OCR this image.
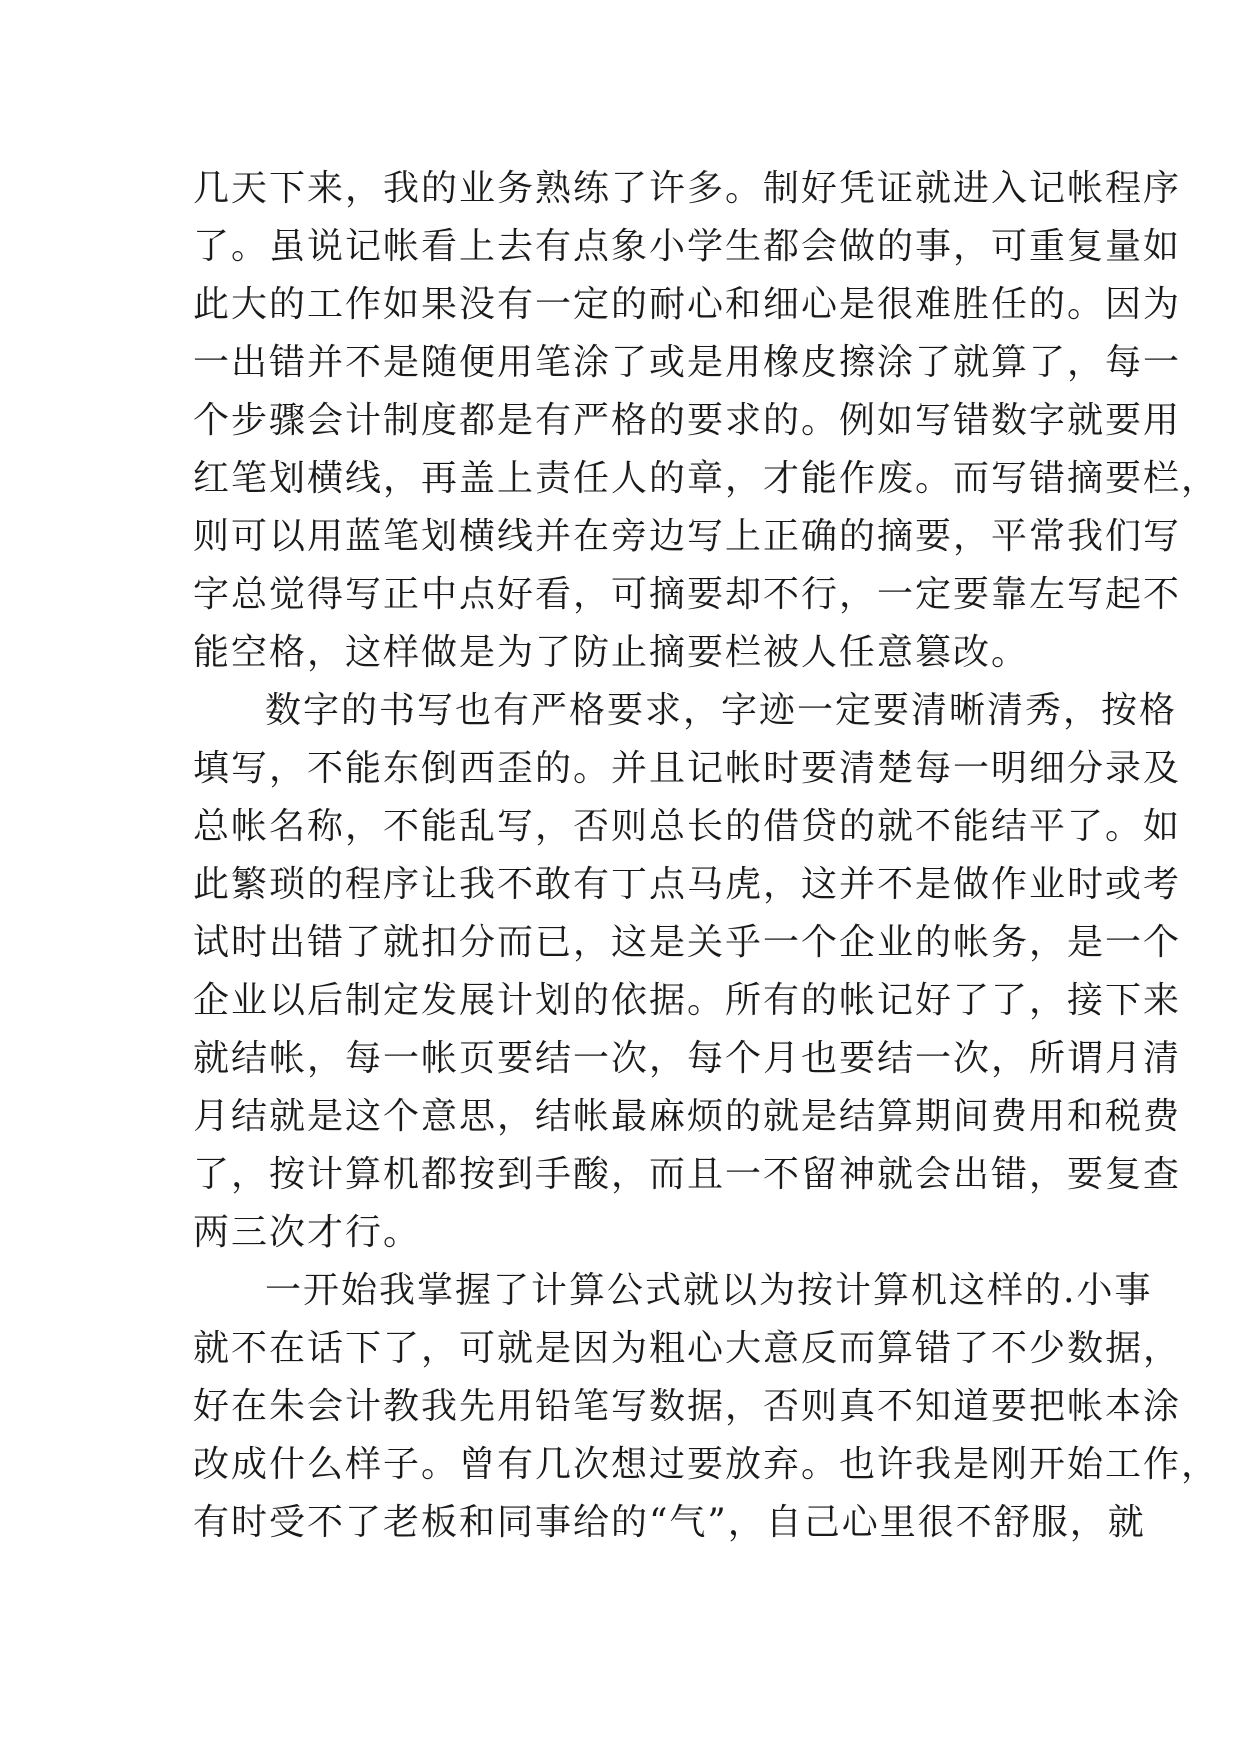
几天下来，我的业务熟练了许多。制好凭证就进入记帐程序
了。虽说记帐看上去有点象小学生都会做的事，可重复量如
此大的工作如果没有一定的耐心和细心是很难胜任的。因为
一出错并不是随便用笔涂了或是用橡皮擦涂了就算了，每一
个步骤会计制度都是有严格的要求的。例如写错数字就要用
红笔划横线，再盖上责任人的章，才能作废。而写错摘要栏，
则可以用蓝笔划横线并在旁边写上正确的摘要，平常我们写
字总觉得写正中点好看，可摘要却不行，一定要靠左写起不
能空格，这样做是为了防止摘要栏被人任意篡改。
数字的书写也有严格要求，字迹一定要清晰清秀，按格
填写，不能东倒西歪的。并且记帐时要清楚每一明细分录及
总帐名称，不能乱写，否则总长的借贷的就不能结平了。如
此繁琐的程序让我不敢有丁点马虎，这并不是做作业时或考
试时出错了就扣分而已，这是关乎一个企业的帐务，是一个
企业以后制定发展计划的依据。所有的帐记好了了，接下来
就结帐，每一帐页要结一次，每个月也要结一次，所谓月清
月结就是这个意思，结帐最麻烦的就是结算期间费用和税费
了，按计算机都按到手酸，而且一不留神就会出错，要复查
两三次才行。
一开始我掌握了计算公式就以为按计算机这样的.小事
就不在话下了，可就是因为粗心大意反而算错了不少数据，
好在朱会计教我先用铅笔写数据，否则真不知道要把帐本涂
改成什么样子。曾有几次想过要放弃。也许我是刚开始工作，
有时受不了老板和同事给的“气”，自己心里很不舒服，就
